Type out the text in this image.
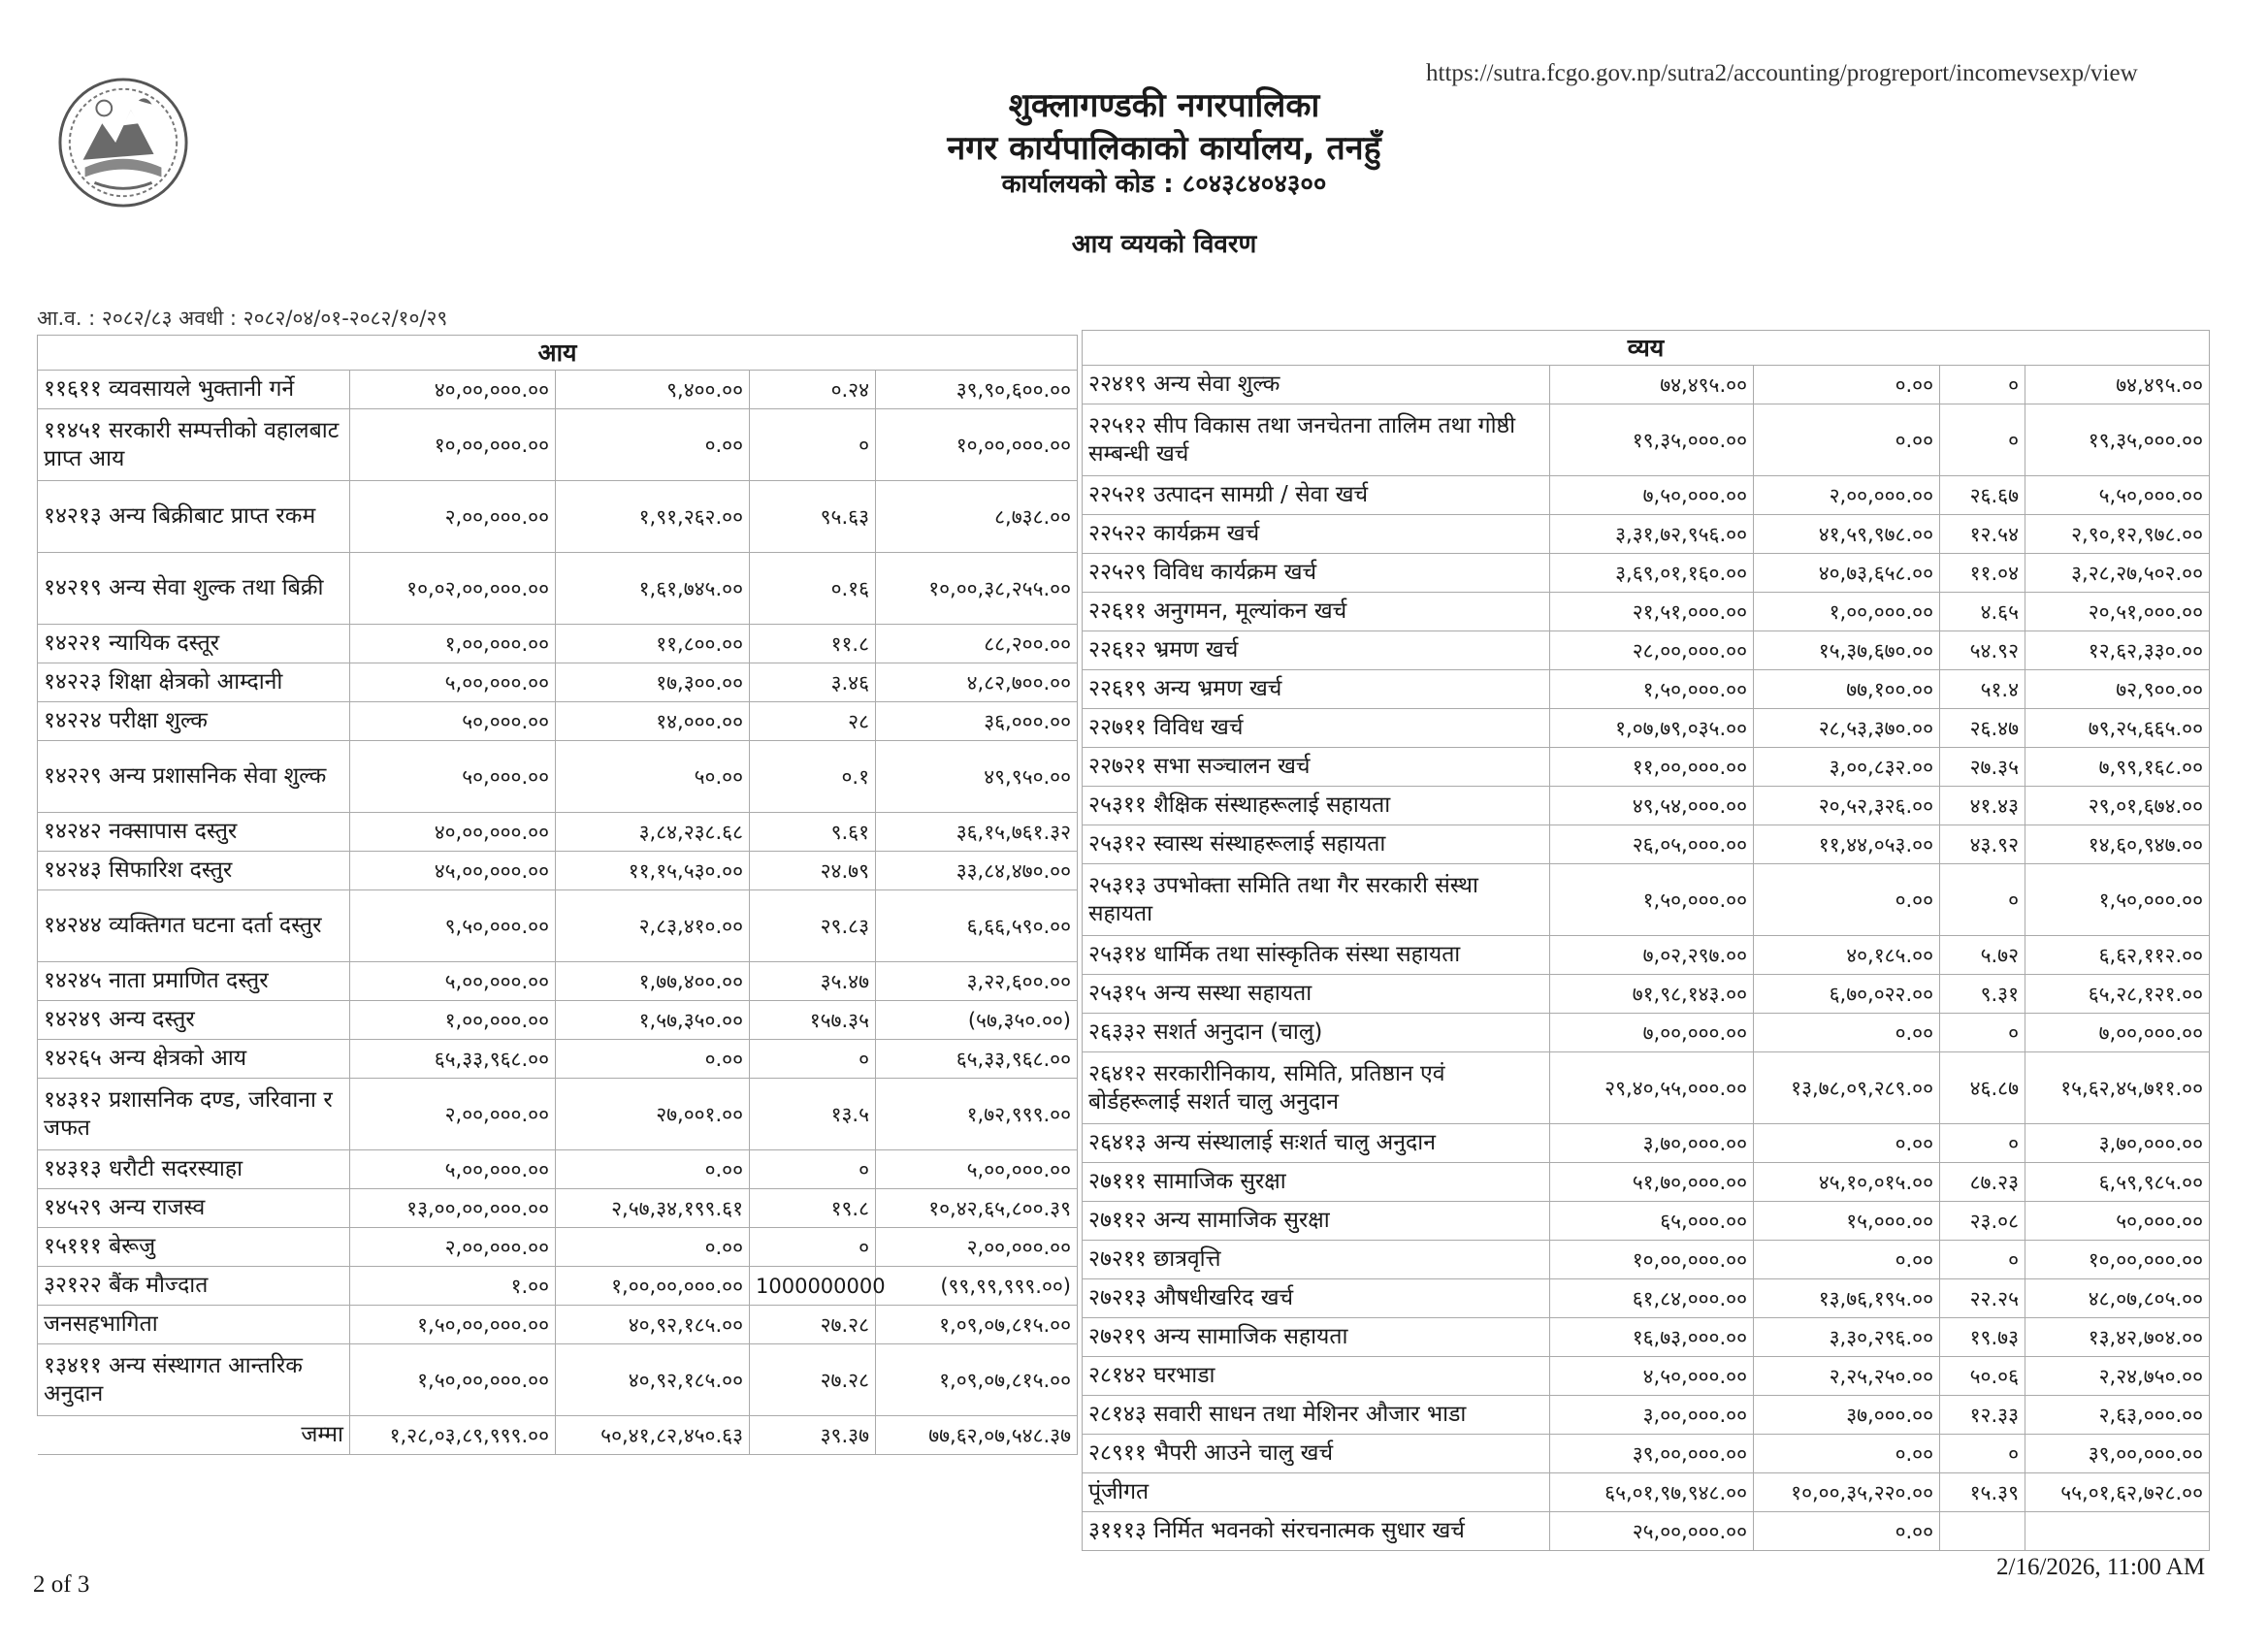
https://sutra.fcgo.gov.np/sutra2/accounting/progreport/incomevsexp/view
शुक्लागण्डकी नगरपालिका
नगर कार्यपालिकाको कार्यालय, तनहुँ
कार्यालयको कोड : ८०४३८४०४३००
आय व्ययको विवरण
आ.व. : २०८२/८३ अवधी : २०८२/०४/०१-२०८२/१०/२९
आय				
११६११ व्यवसायले भुक्तानी गर्ने	४०,००,०००.००	९,४००.००	०.२४	३९,९०,६००.००
११४५१ सरकारी सम्पत्तीको वहालबाट प्राप्त आय	१०,००,०००.००	०.००	०	१०,००,०००.००
१४२१३ अन्य बिक्रीबाट प्राप्त रकम	२,००,०००.००	१,९१,२६२.००	९५.६३	८,७३८.००
१४२१९ अन्य सेवा शुल्क तथा बिक्री	१०,०२,००,०००.००	१,६१,७४५.००	०.१६	१०,००,३८,२५५.००
१४२२१ न्यायिक दस्तूर	१,००,०००.००	११,८००.००	११.८	८८,२००.००
१४२२३ शिक्षा क्षेत्रको आम्दानी	५,००,०००.००	१७,३००.००	३.४६	४,८२,७००.००
१४२२४ परीक्षा शुल्क	५०,०००.००	१४,०००.००	२८	३६,०००.००
१४२२९ अन्य प्रशासनिक सेवा शुल्क	५०,०००.००	५०.००	०.१	४९,९५०.००
१४२४२ नक्सापास दस्तुर	४०,००,०००.००	३,८४,२३८.६८	९.६१	३६,१५,७६१.३२
१४२४३ सिफारिश दस्तुर	४५,००,०००.००	११,१५,५३०.००	२४.७९	३३,८४,४७०.००
१४२४४ व्यक्तिगत घटना दर्ता दस्तुर	९,५०,०००.००	२,८३,४१०.००	२९.८३	६,६६,५९०.००
१४२४५ नाता प्रमाणित दस्तुर	५,००,०००.००	१,७७,४००.००	३५.४७	३,२२,६००.००
१४२४९ अन्य दस्तुर	१,००,०००.००	१,५७,३५०.००	१५७.३५	(५७,३५०.००)
१४२६५ अन्य क्षेत्रको आय	६५,३३,९६८.००	०.००	०	६५,३३,९६८.००
१४३१२ प्रशासनिक दण्ड, जरिवाना र जफत	२,००,०००.००	२७,००१.००	१३.५	१,७२,९९९.००
१४३१३ धरौटी सदरस्याहा	५,००,०००.००	०.००	०	५,००,०००.००
१४५२९ अन्य राजस्व	१३,००,००,०००.००	२,५७,३४,१९९.६१	१९.८	१०,४२,६५,८००.३९
१५१११ बेरूजु	२,००,०००.००	०.००	०	२,००,०००.००
३२१२२ बैंक मौज्दात	१.००	१,००,००,०००.००	1000000000	(९९,९९,९९९.००)
जनसहभागिता	१,५०,००,०००.००	४०,९२,१८५.००	२७.२८	१,०९,०७,८१५.००
१३४११ अन्य संस्थागत आन्तरिक अनुदान	१,५०,००,०००.००	४०,९२,१८५.००	२७.२८	१,०९,०७,८१५.००
जम्मा	१,२८,०३,८९,९९९.००	५०,४१,८२,४५०.६३	३९.३७	७७,६२,०७,५४८.३७
व्यय				
२२४१९ अन्य सेवा शुल्क	७४,४९५.००	०.००	०	७४,४९५.००
२२५१२ सीप विकास तथा जनचेतना तालिम तथा गोष्ठी सम्बन्धी खर्च	१९,३५,०००.००	०.००	०	१९,३५,०००.००
२२५२१ उत्पादन सामग्री / सेवा खर्च	७,५०,०००.००	२,००,०००.००	२६.६७	५,५०,०००.००
२२५२२ कार्यक्रम खर्च	३,३१,७२,९५६.००	४१,५९,९७८.००	१२.५४	२,९०,१२,९७८.००
२२५२९ विविध कार्यक्रम खर्च	३,६९,०१,१६०.००	४०,७३,६५८.००	११.०४	३,२८,२७,५०२.००
२२६११ अनुगमन, मूल्यांकन खर्च	२१,५१,०००.००	१,००,०००.००	४.६५	२०,५१,०००.००
२२६१२ भ्रमण खर्च	२८,००,०००.००	१५,३७,६७०.००	५४.९२	१२,६२,३३०.००
२२६१९ अन्य भ्रमण खर्च	१,५०,०००.००	७७,१००.००	५१.४	७२,९००.००
२२७११ विविध खर्च	१,०७,७९,०३५.००	२८,५३,३७०.००	२६.४७	७९,२५,६६५.००
२२७२१ सभा सञ्चालन खर्च	११,००,०००.००	३,००,८३२.००	२७.३५	७,९९,१६८.००
२५३११ शैक्षिक संस्थाहरूलाई सहायता	४९,५४,०००.००	२०,५२,३२६.००	४१.४३	२९,०१,६७४.००
२५३१२ स्वास्थ संस्थाहरूलाई सहायता	२६,०५,०००.००	११,४४,०५३.००	४३.९२	१४,६०,९४७.००
२५३१३ उपभोक्ता समिति तथा गैर सरकारी संस्था सहायता	१,५०,०००.००	०.००	०	१,५०,०००.००
२५३१४ धार्मिक तथा सांस्कृतिक संस्था सहायता	७,०२,२९७.००	४०,१८५.००	५.७२	६,६२,११२.००
२५३१५ अन्य सस्था सहायता	७१,९८,१४३.००	६,७०,०२२.००	९.३१	६५,२८,१२१.००
२६३३२ सशर्त अनुदान (चालु)	७,००,०००.००	०.००	०	७,००,०००.००
२६४१२ सरकारीनिकाय, समिति, प्रतिष्ठान एवं बोर्डहरूलाई सशर्त चालु अनुदान	२९,४०,५५,०००.००	१३,७८,०९,२८९.००	४६.८७	१५,६२,४५,७११.००
२६४१३ अन्य संस्थालाई सःशर्त चालु अनुदान	३,७०,०००.००	०.००	०	३,७०,०००.००
२७१११ सामाजिक सुरक्षा	५१,७०,०००.००	४५,१०,०१५.००	८७.२३	६,५९,९८५.००
२७११२ अन्य सामाजिक सुरक्षा	६५,०००.००	१५,०००.००	२३.०८	५०,०००.००
२७२११ छात्रवृत्ति	१०,००,०००.००	०.००	०	१०,००,०००.००
२७२१३ औषधीखरिद खर्च	६१,८४,०००.००	१३,७६,१९५.००	२२.२५	४८,०७,८०५.००
२७२१९ अन्य सामाजिक सहायता	१६,७३,०००.००	३,३०,२९६.००	१९.७३	१३,४२,७०४.००
२८१४२ घरभाडा	४,५०,०००.००	२,२५,२५०.००	५०.०६	२,२४,७५०.००
२८१४३ सवारी साधन तथा मेशिनर औजार भाडा	३,००,०००.००	३७,०००.००	१२.३३	२,६३,०००.००
२८९११ भैपरी आउने चालु खर्च	३९,००,०००.००	०.००	०	३९,००,०००.००
पूंजीगत	६५,०१,९७,९४८.००	१०,००,३५,२२०.००	१५.३९	५५,०१,६२,७२८.००
३१११३ निर्मित भवनको संरचनात्मक सुधार खर्च	२५,००,०००.००	०.००		
2 of 3
2/16/2026, 11:00 AM
